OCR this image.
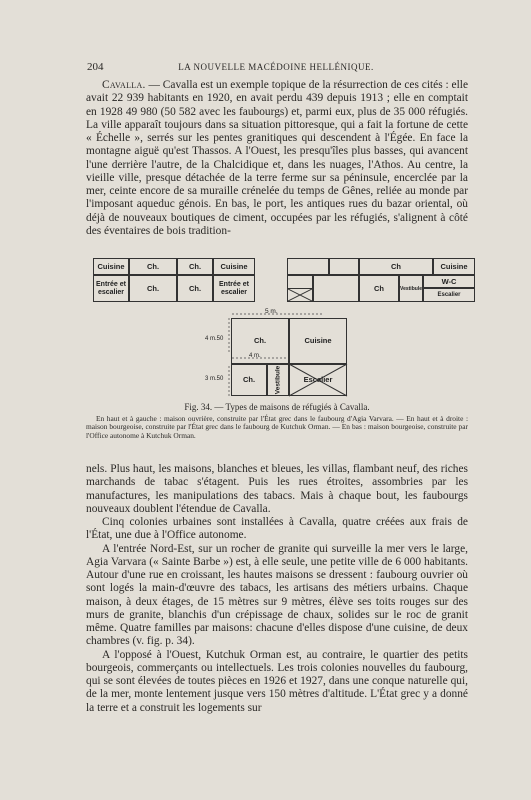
204	LA NOUVELLE MACÉDOINE HELLÉNIQUE.

Cavalla. — Cavalla est un exemple topique de la résurrection de ces cités : elle avait 22 939 habitants en 1920, en avait perdu 439 depuis 1913 ; elle en comptait en 1928 49 980 (50 582 avec les faubourgs) et, parmi eux, plus de 35 000 réfugiés. La ville apparaît toujours dans sa situation pittoresque, qui a fait la fortune de cette « Échelle », serrés sur les pentes granitiques qui descendent à l'Égée. En face la montagne aiguë qu'est Thassos. A l'Ouest, les presqu'îles plus basses, qui avancent l'une derrière l'autre, de la Chalcidique et, dans les nuages, l'Athos. Au centre, la vieille ville, presque détachée de la terre ferme sur sa péninsule, encerclée par la mer, ceinte encore de sa muraille crénelée du temps de Gênes, reliée au monde par l'imposant aqueduc génois. En bas, le port, les antiques rues du bazar oriental, où déjà de nouveaux boutiques de ciment, occupées par les réfugiés, s'alignent à côté des éventaires de bois tradition-

Cuisine	Ch.	Ch.	Cuisine
Entrée et escalier	Ch.	Ch.	Entrée et escalier
Ch	Cuisine
Ch	Vestibule
W-C
Escalier
5 m.
4 m.50
4 m.
3 m.50
Ch.	Cuisine
Ch.	Vestibule	Escalier
Fig. 34. — Types de maisons de réfugiés à Cavalla.
En haut et à gauche : maison ouvrière, construite par l'État grec dans le faubourg d'Agia Varvara. — En haut et à droite : maison bourgeoise, construite par l'État grec dans le faubourg de Kutchuk Orman. — En bas : maison bourgeoise, construite par l'Office autonome à Kutchuk Orman.

nels. Plus haut, les maisons, blanches et bleues, les villas, flambant neuf, des riches marchands de tabac s'étagent. Puis les rues étroites, assombries par les manufactures, les manipulations des tabacs. Mais à chaque bout, les faubourgs nouveaux doublent l'étendue de Cavalla.

Cinq colonies urbaines sont installées à Cavalla, quatre créées aux frais de l'État, une due à l'Office autonome.

A l'entrée Nord-Est, sur un rocher de granite qui surveille la mer vers le large, Agia Varvara (« Sainte Barbe ») est, à elle seule, une petite ville de 6 000 habitants. Autour d'une rue en croissant, les hautes maisons se dressent : faubourg ouvrier où sont logés la main-d'œuvre des tabacs, les artisans des métiers urbains. Chaque maison, à deux étages, de 15 mètres sur 9 mètres, élève ses toits rouges sur des murs de granite, blanchis d'un crépissage de chaux, solides sur le roc de granit même. Quatre familles par maisons: chacune d'elles dispose d'une cuisine, de deux chambres (v. fig. p. 34).

A l'opposé à l'Ouest, Kutchuk Orman est, au contraire, le quartier des petits bourgeois, commerçants ou intellectuels. Les trois colonies nouvelles du faubourg, qui se sont élevées de toutes pièces en 1926 et 1927, dans une conque naturelle qui, de la mer, monte lentement jusque vers 150 mètres d'altitude. L'État grec y a donné la terre et a construit les logements sur
